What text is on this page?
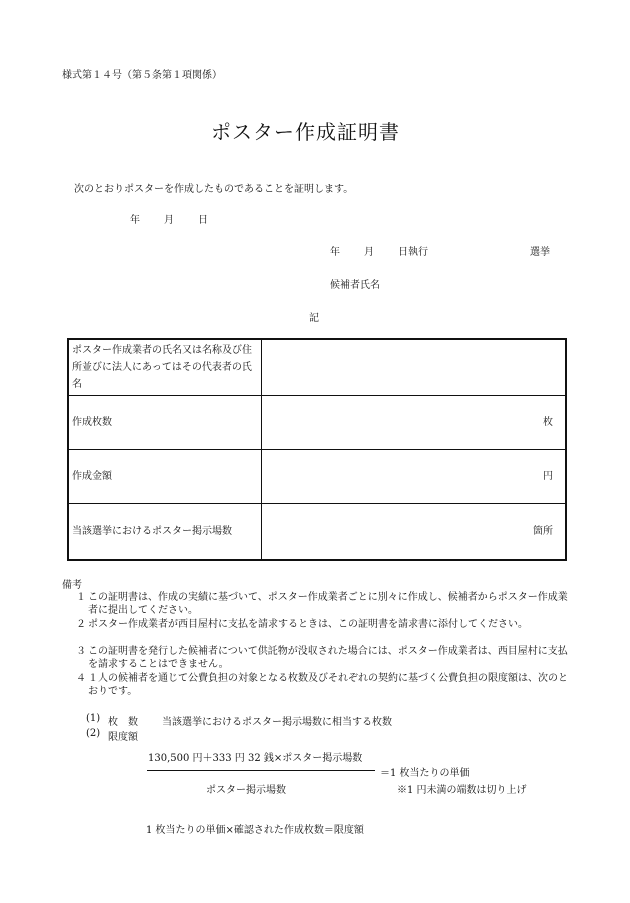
様式第１４号（第５条第１項関係）
ポスター作成証明書
次のとおりポスターを作成したものであることを証明します。
年 月 日
年 月 日執行	選挙
候補者氏名
記
ポスター作成業者の氏名又は名称及び住所並びに法人にあってはその代表者の氏名	
作成枚数	枚
作成金額	円
当該選挙におけるポスター掲示場数	箇所
備考
１ この証明書は、作成の実績に基づいて、ポスター作成業者ごとに別々に作成し、候補者からポスター作成業者に提出してください。
２ ポスター作成業者が西目屋村に支払を請求するときは、この証明書を請求書に添付してください。
３ この証明書を発行した候補者について供託物が没収された場合には、ポスター作成業者は、西目屋村に支払を請求することはできません。
４ １人の候補者を通じて公費負担の対象となる枚数及びそれぞれの契約に基づく公費負担の限度額は、次のとおりです。
(1) 枚　数 当該選挙におけるポスター掲示場数に相当する枚数
(2) 限度額
130,500 円＋333 円 32 銭×ポスター掲示場数
＝1 枚当たりの単価
ポスター掲示場数	※1 円未満の端数は切り上げ
1 枚当たりの単価×確認された作成枚数＝限度額
